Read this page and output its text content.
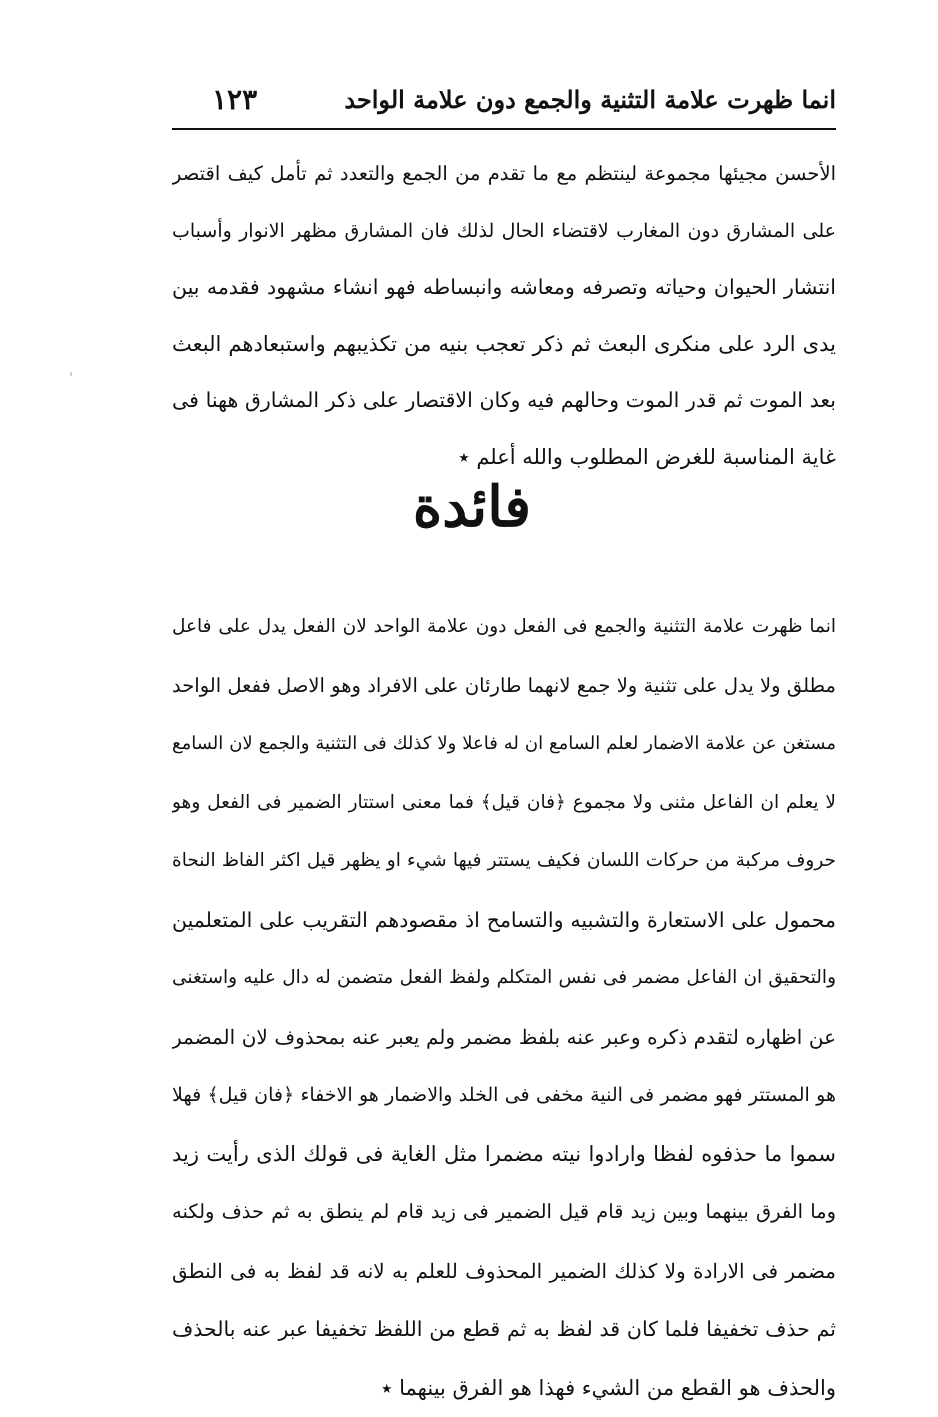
انما ظهرت علامة التثنية والجمع دون علامة الواحد
١٢٣
الأحسن مجيئها مجموعة لينتظم مع ما تقدم من الجمع والتعدد ثم تأمل كيف اقتصر
على المشارق دون المغارب لاقتضاء الحال لذلك فان المشارق مظهر الانوار وأسباب
انتشار الحيوان وحياته وتصرفه ومعاشه وانبساطه فهو انشاء مشهود فقدمه بين
يدى الرد على منكرى البعث ثم ذكر تعجب بنيه من تكذيبهم واستبعادهم البعث
بعد الموت ثم قدر الموت وحالهم فيه وكان الاقتصار على ذكر المشارق ههنا فى
غاية المناسبة للغرض المطلوب والله أعلم ٭
فائدة
انما ظهرت علامة التثنية والجمع فى الفعل دون علامة الواحد لان الفعل يدل على فاعل
مطلق ولا يدل على تثنية ولا جمع لانهما طارئان على الافراد وهو الاصل ففعل الواحد
مستغن عن علامة الاضمار لعلم السامع ان له فاعلا ولا كذلك فى التثنية والجمع لان السامع
لا يعلم ان الفاعل مثنى ولا مجموع ﴿فان قيل﴾ فما معنى استتار الضمير فى الفعل وهو
حروف مركبة من حركات اللسان فكيف يستتر فيها شيء او يظهر قيل اكثر الفاظ النحاة
محمول على الاستعارة والتشبيه والتسامح اذ مقصودهم التقريب على المتعلمين
والتحقيق ان الفاعل مضمر فى نفس المتكلم ولفظ الفعل متضمن له دال عليه واستغنى
عن اظهاره لتقدم ذكره وعبر عنه بلفظ مضمر ولم يعبر عنه بمحذوف لان المضمر
هو المستتر فهو مضمر فى النية مخفى فى الخلد والاضمار هو الاخفاء ﴿فان قيل﴾ فهلا
سموا ما حذفوه لفظا وارادوا نيته مضمرا مثل الغاية فى قولك الذى رأيت زيد
وما الفرق بينهما وبين زيد قام قيل الضمير فى زيد قام لم ينطق به ثم حذف ولكنه
مضمر فى الارادة ولا كذلك الضمير المحذوف للعلم به لانه قد لفظ به فى النطق
ثم حذف تخفيفا فلما كان قد لفظ به ثم قطع من اللفظ تخفيفا عبر عنه بالحذف
والحذف هو القطع من الشيء فهذا هو الفرق بينهما ٭
